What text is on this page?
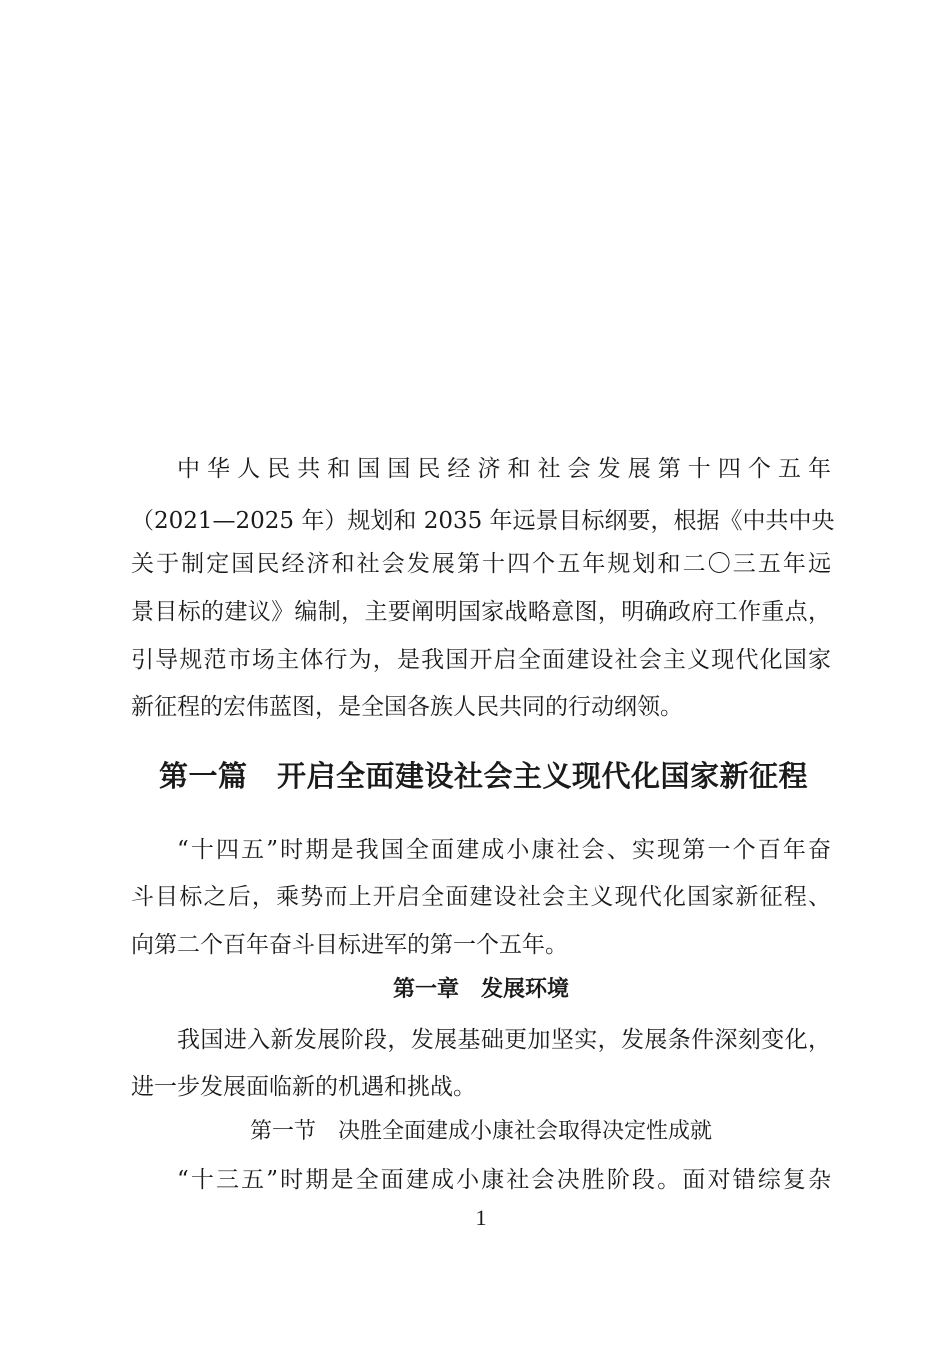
中华人民共和国国民经济和社会发展第十四个五年
（2021—2025 年）规划和 2035 年远景目标纲要，根据《中共中央
关于制定国民经济和社会发展第十四个五年规划和二〇三五年远
景目标的建议》编制，主要阐明国家战略意图，明确政府工作重点，
引导规范市场主体行为，是我国开启全面建设社会主义现代化国家
新征程的宏伟蓝图，是全国各族人民共同的行动纲领。
第一篇　开启全面建设社会主义现代化国家新征程
“十四五”时期是我国全面建成小康社会、实现第一个百年奋
斗目标之后，乘势而上开启全面建设社会主义现代化国家新征程、
向第二个百年奋斗目标进军的第一个五年。
第一章　发展环境
我国进入新发展阶段，发展基础更加坚实，发展条件深刻变化，
进一步发展面临新的机遇和挑战。
第一节　决胜全面建成小康社会取得决定性成就
“十三五”时期是全面建成小康社会决胜阶段。面对错综复杂
1
